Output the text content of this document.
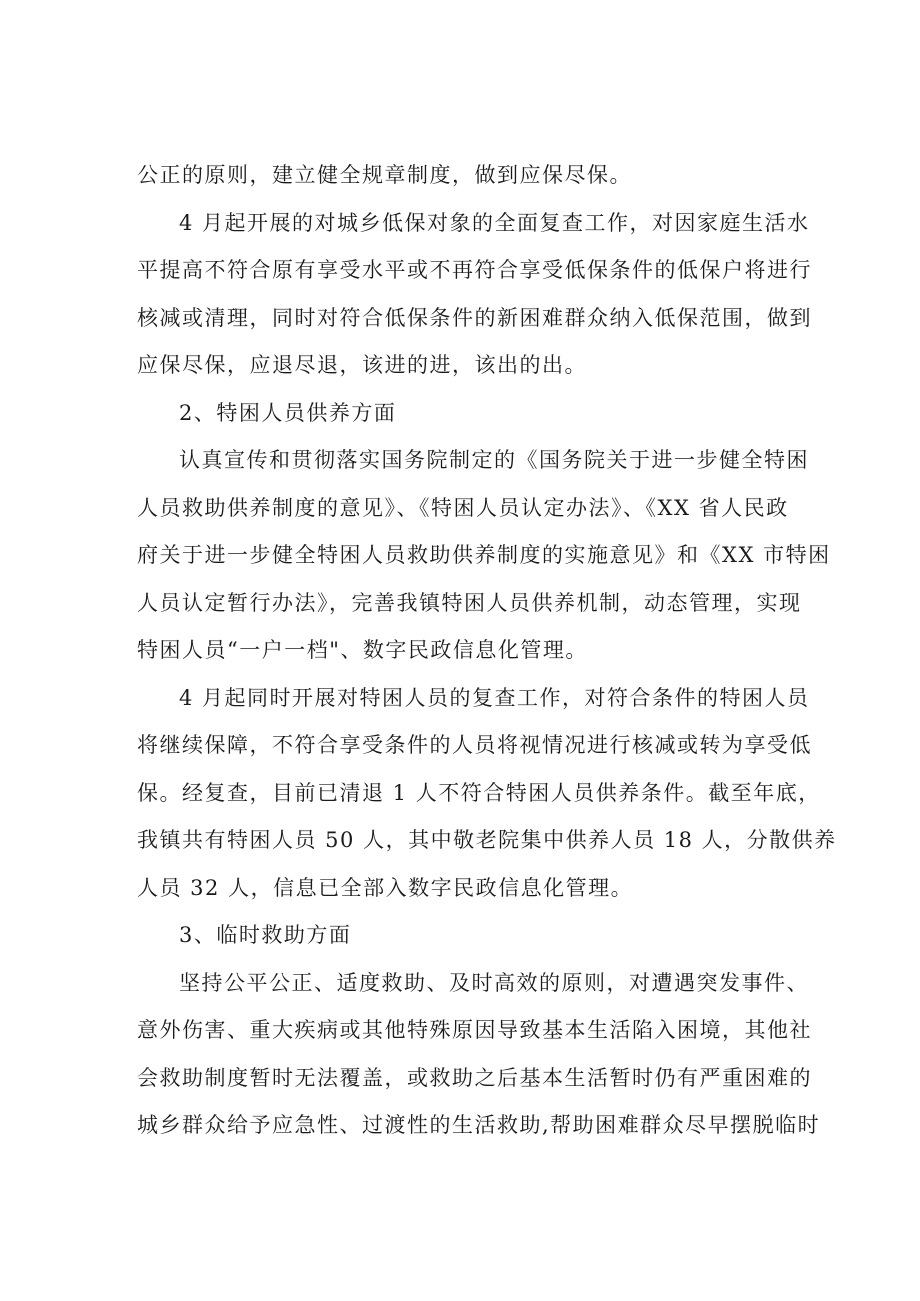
公正的原则，建立健全规章制度，做到应保尽保。

4 月起开展的对城乡低保对象的全面复查工作，对因家庭生活水
平提高不符合原有享受水平或不再符合享受低保条件的低保户将进行
核减或清理，同时对符合低保条件的新困难群众纳入低保范围，做到
应保尽保，应退尽退，该进的进，该出的出。

2、特困人员供养方面

认真宣传和贯彻落实国务院制定的《国务院关于进一步健全特困
人员救助供养制度的意见》、《特困人员认定办法》、《XX 省人民政
府关于进一步健全特困人员救助供养制度的实施意见》和《XX 市特困
人员认定暂行办法》，完善我镇特困人员供养机制，动态管理，实现
特困人员“一户一档"、数字民政信息化管理。

4 月起同时开展对特困人员的复查工作，对符合条件的特困人员
将继续保障，不符合享受条件的人员将视情况进行核减或转为享受低
保。经复查，目前已清退 1 人不符合特困人员供养条件。截至年底，
我镇共有特困人员 50 人，其中敬老院集中供养人员 18 人，分散供养
人员 32 人，信息已全部入数字民政信息化管理。

3、临时救助方面

坚持公平公正、适度救助、及时高效的原则，对遭遇突发事件、
意外伤害、重大疾病或其他特殊原因导致基本生活陷入困境，其他社
会救助制度暂时无法覆盖，或救助之后基本生活暂时仍有严重困难的
城乡群众给予应急性、过渡性的生活救助,帮助困难群众尽早摆脱临时
